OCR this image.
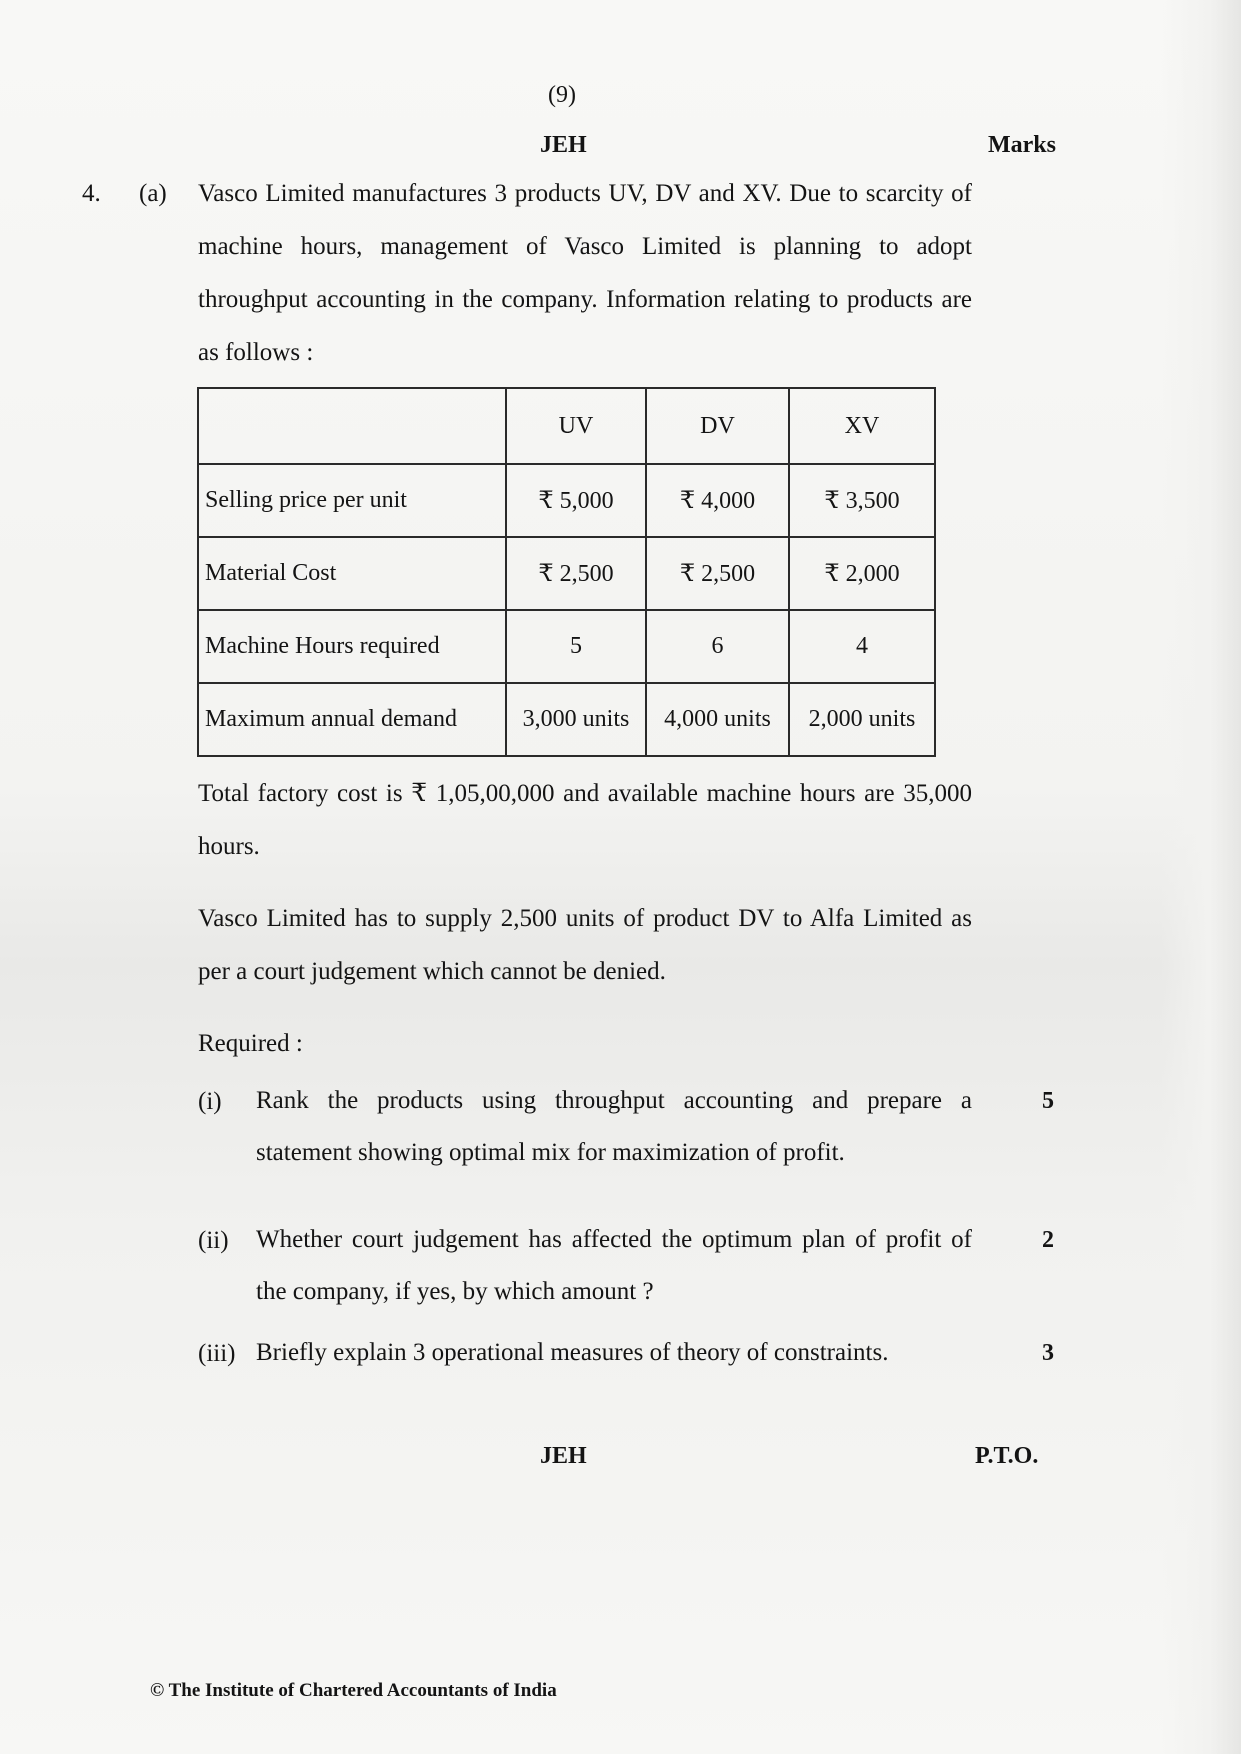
(9)
JEH	Marks
4. (a) Vasco Limited manufactures 3 products UV, DV and XV. Due to scarcity of machine hours, management of Vasco Limited is planning to adopt throughput accounting in the company. Information relating to products are as follows :
	UV	DV	XV
Selling price per unit	₹ 5,000	₹ 4,000	₹ 3,500
Material Cost	₹ 2,500	₹ 2,500	₹ 2,000
Machine Hours required	5	6	4
Maximum annual demand	3,000 units	4,000 units	2,000 units
Total factory cost is ₹ 1,05,00,000 and available machine hours are 35,000 hours.
Vasco Limited has to supply 2,500 units of product DV to Alfa Limited as per a court judgement which cannot be denied.
Required :
(i) Rank the products using throughput accounting and prepare a statement showing optimal mix for maximization of profit.
5
(ii) Whether court judgement has affected the optimum plan of profit of the company, if yes, by which amount ?
2
(iii) Briefly explain 3 operational measures of theory of constraints.	3
JEH	P.T.O.
© The Institute of Chartered Accountants of India
